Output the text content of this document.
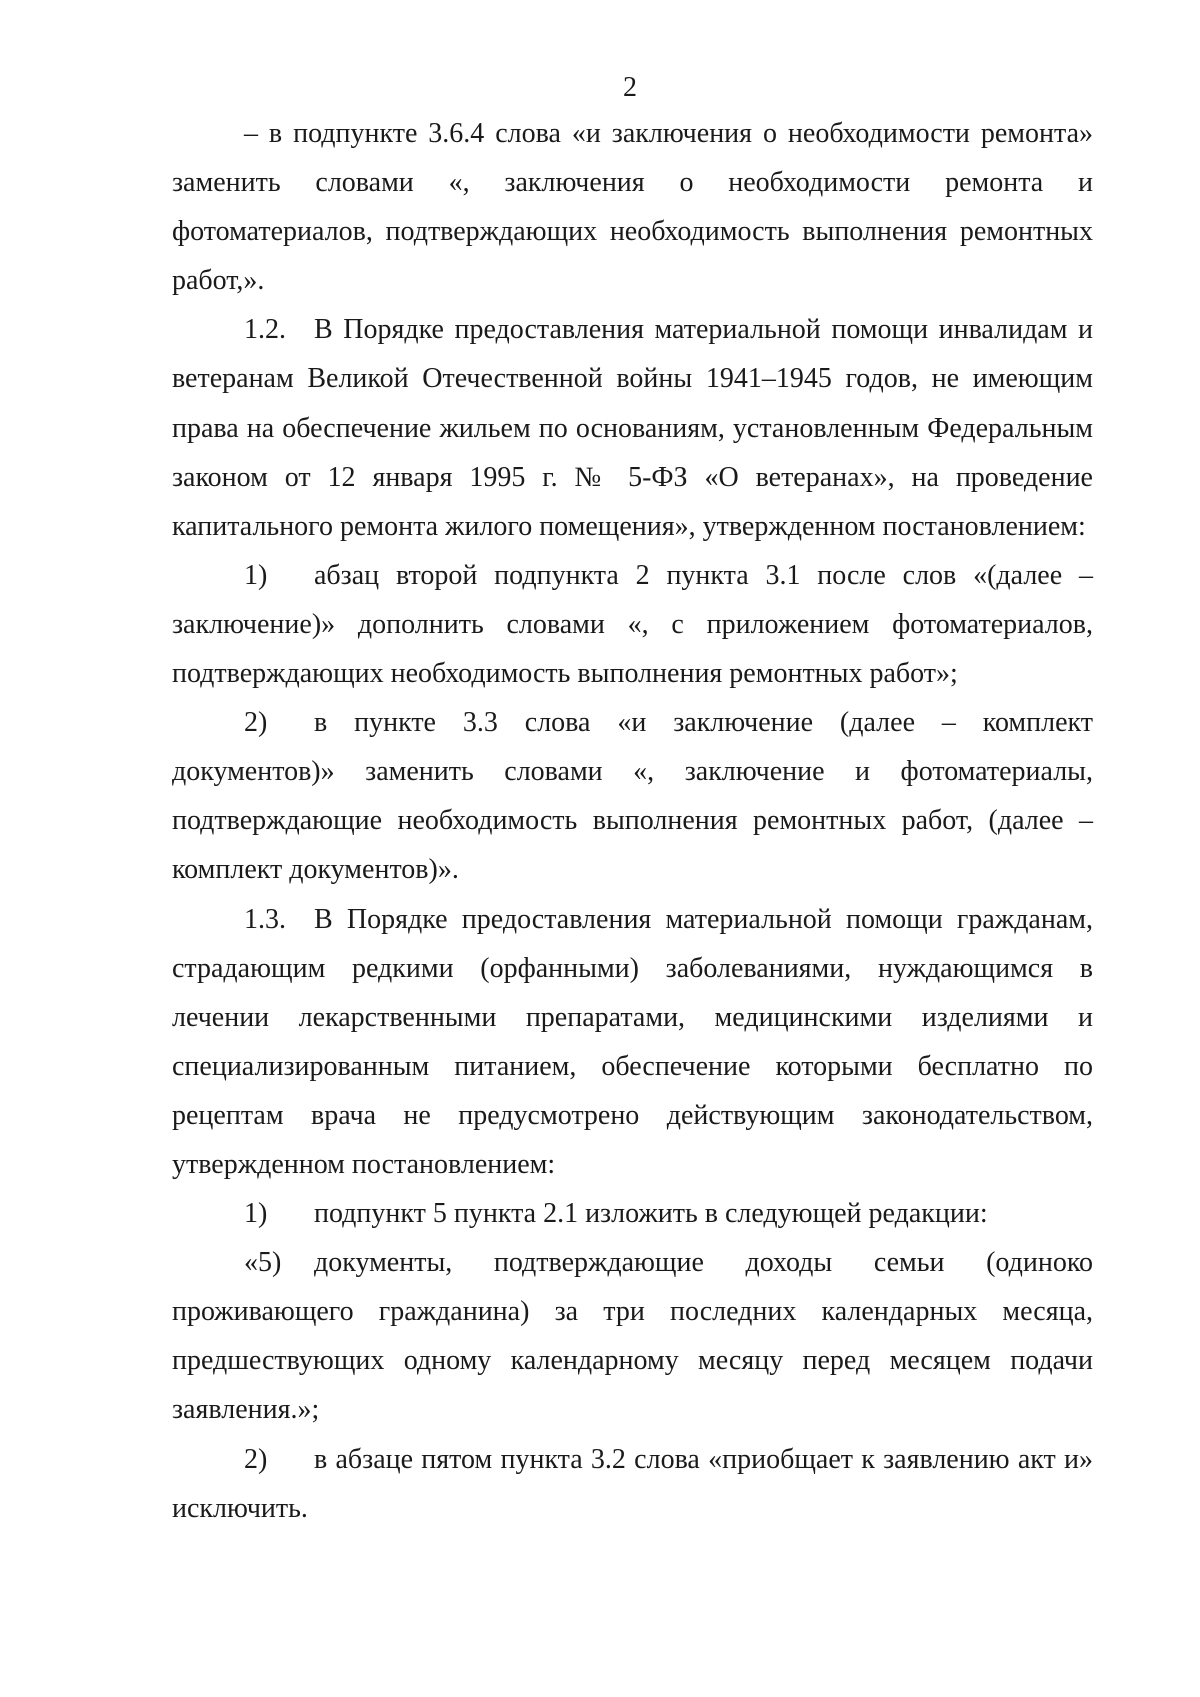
2

– в подпункте 3.6.4 слова «и заключения о необходимости ремонта» заменить словами «, заключения о необходимости ремонта и фотоматериалов, подтверждающих необходимость выполнения ремонтных работ,».

1.2. В Порядке предоставления материальной помощи инвалидам и ветеранам Великой Отечественной войны 1941–1945 годов, не имеющим права на обеспечение жильем по основаниям, установленным Федеральным законом от 12 января 1995 г. № 5-ФЗ «О ветеранах», на проведение капитального ремонта жилого помещения», утвержденном постановлением:

1) абзац второй подпункта 2 пункта 3.1 после слов «(далее – заключение)» дополнить словами «, с приложением фотоматериалов, подтверждающих необходимость выполнения ремонтных работ»;

2) в пункте 3.3 слова «и заключение (далее – комплект документов)» заменить словами «, заключение и фотоматериалы, подтверждающие необходимость выполнения ремонтных работ, (далее – комплект документов)».

1.3. В Порядке предоставления материальной помощи гражданам, страдающим редкими (орфанными) заболеваниями, нуждающимся в лечении лекарственными препаратами, медицинскими изделиями и специализированным питанием, обеспечение которыми бесплатно по рецептам врача не предусмотрено действующим законодательством, утвержденном постановлением:

1) подпункт 5 пункта 2.1 изложить в следующей редакции:

«5) документы, подтверждающие доходы семьи (одиноко проживающего гражданина) за три последних календарных месяца, предшествующих одному календарному месяцу перед месяцем подачи заявления.»;

2) в абзаце пятом пункта 3.2 слова «приобщает к заявлению акт и» исключить.
